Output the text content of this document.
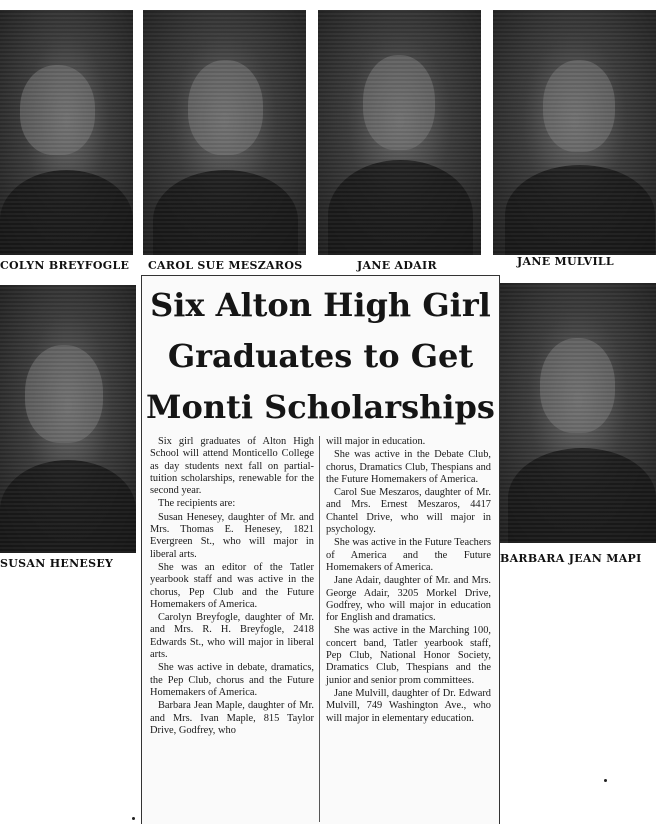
COLYN BREYFOGLE CAROL SUE MESZAROS	JANE ADAIR	JANE MULVILL
SUSAN HENESEY	BARBARA JEAN MAPI
Six Alton High Girl
Graduates to Get
Monti Scholarships

Six girl graduates of Alton High School will attend Monticello College as day students next fall on partial-tuition scholarships, renewable for the second year.

The recipients are:

Susan Henesey, daughter of Mr. and Mrs. Thomas E. Henesey, 1821 Evergreen St., who will major in liberal arts.

She was an editor of the Tatler yearbook staff and was active in the chorus, Pep Club and the Future Homemakers of America.

Carolyn Breyfogle, daughter of Mr. and Mrs. R. H. Breyfogle, 2418 Edwards St., who will major in liberal arts.

She was active in debate, dramatics, the Pep Club, chorus and the Future Homemakers of America.

Barbara Jean Maple, daughter of Mr. and Mrs. Ivan Maple, 815 Taylor Drive, Godfrey, who

will major in education.

She was active in the Debate Club, chorus, Dramatics Club, Thespians and the Future Homemakers of America.

Carol Sue Meszaros, daughter of Mr. and Mrs. Ernest Meszaros, 4417 Chantel Drive, who will major in psychology.

She was active in the Future Teachers of America and the Future Homemakers of America.

Jane Adair, daughter of Mr. and Mrs. George Adair, 3205 Morkel Drive, Godfrey, who will major in education for English and dramatics.

She was active in the Marching 100, concert band, Tatler yearbook staff, Pep Club, National Honor Society, Dramatics Club, Thespians and the junior and senior prom committees.

Jane Mulvill, daughter of Dr. Edward Mulvill, 749 Washington Ave., who will major in elementary education.
